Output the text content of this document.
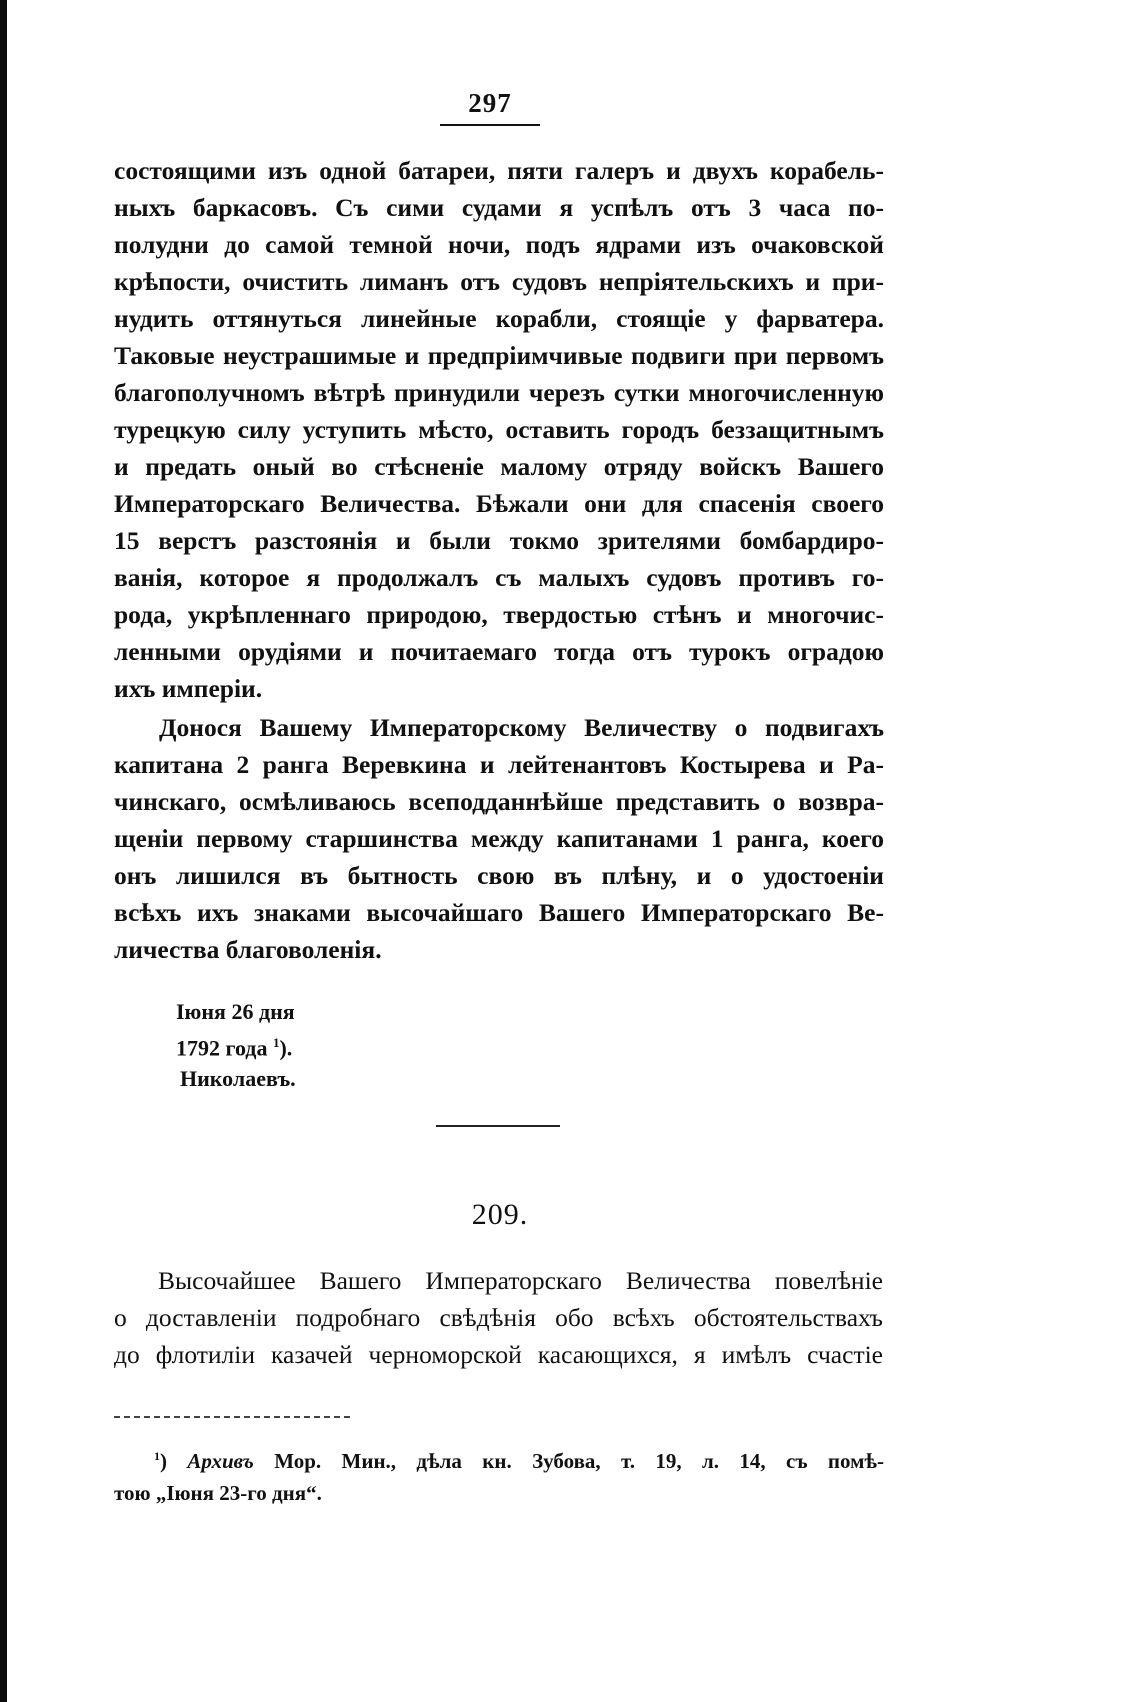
297

состоящими изъ одной батареи, пяти галеръ и двухъ корабель-
ныхъ баркасовъ. Съ сими судами я успѣлъ отъ 3 часа по-
полудни до самой темной ночи, подъ ядрами изъ очаковской
крѣпости, очистить лиманъ отъ судовъ непріятельскихъ и при-
нудить оттянуться линейные корабли, стоящіе у фарватера.
Таковые неустрашимые и предпріимчивые подвиги при первомъ
благополучномъ вѣтрѣ принудили черезъ сутки многочисленную
турецкую силу уступить мѣсто, оставить городъ беззащитнымъ
и предать оный во стѣсненіе малому отряду войскъ Вашего
Императорскаго Величества. Бѣжали они для спасенія своего
15 верстъ разстоянія и были токмо зрителями бомбардиро-
ванія, которое я продолжалъ съ малыхъ судовъ противъ го-
рода, укрѣпленнаго природою, твердостью стѣнъ и многочис-
ленными орудіями и почитаемаго тогда отъ турокъ оградою
ихъ имперіи.

Донося Вашему Императорскому Величеству о подвигахъ
капитана 2 ранга Веревкина и лейтенантовъ Костырева и Ра-
чинскаго, осмѣливаюсь всеподданнѣйше представить о возвра-
щеніи первому старшинства между капитанами 1 ранга, коего
онъ лишился въ бытность свою въ плѣну, и о удостоеніи
всѣхъ ихъ знаками высочайшаго Вашего Императорскаго Ве-
личества благоволенія.

Іюня 26 дня
1792 года $^1$).
Николаевъ.
209.

Высочайшее Вашего Императорскаго Величества повелѣніе
о доставленіи подробнаго свѣдѣнія обо всѣхъ обстоятельствахъ
до флотиліи казачей черноморской касающихся, я имѣлъ счастіе

$^1$) Архивъ Мор. Мин., дѣла кн. Зубова, т. 19, л. 14, съ помѣ-
тою „Іюня 23-го дня“.
